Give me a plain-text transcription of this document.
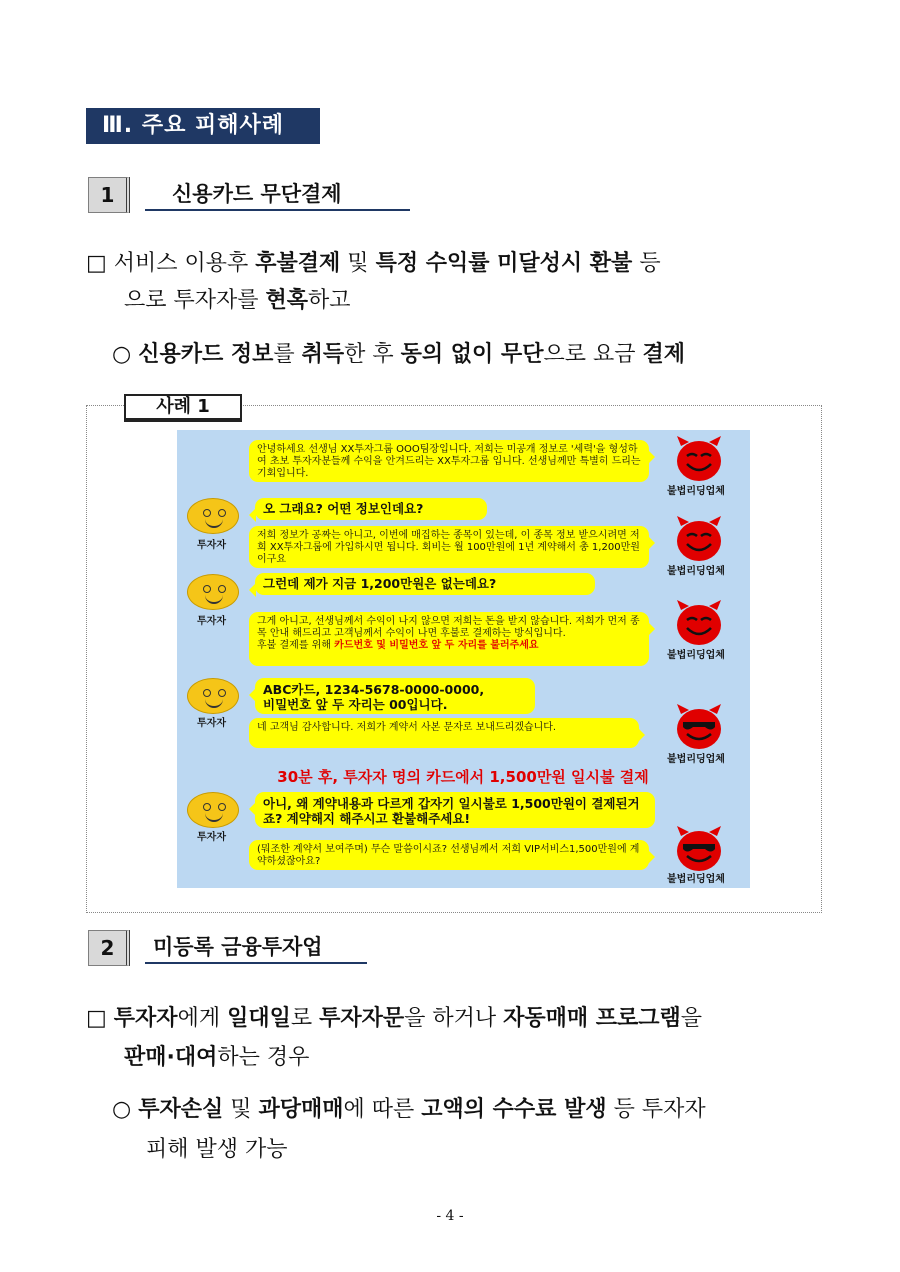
Ⅲ. 주요 피해사례
1	신용카드 무단결제
□ 서비스 이용후 후불결제 및 특정 수익률 미달성시 환불 등
으로 투자자를 현혹하고
○ 신용카드 정보를 취득한 후 동의 없이 무단으로 요금 결제
사례 1
안녕하세요 선생님 XX투자그룹 OOO팀장입니다. 저희는 미공개 정보로 '세력'을 형성하여 초보 투자자분들께 수익을 안겨드리는 XX투자그룹 입니다. 선생님께만 특별히 드리는 기회입니다.
불법리딩업체
투자자
오 그래요? 어떤 정보인데요?
저희 정보가 공짜는 아니고, 이번에 매집하는 종목이 있는데, 이 종목 정보 받으시려면 저희 XX투자그룹에 가입하시면 됩니다. 회비는 월 100만원에 1년 계약해서 총 1,200만원이구요
불법리딩업체
투자자
그런데 제가 지금 1,200만원은 없는데요?
그게 아니고, 선생님께서 수익이 나지 않으면 저희는 돈을 받지 않습니다. 저희가 먼저 종목 안내 해드리고 고객님께서 수익이 나면 후불로 결제하는 방식입니다.
후불 결제를 위해 카드번호 및 비밀번호 앞 두 자리를 불러주세요
불법리딩업체
투자자
ABC카드, 1234-5678-0000-0000,
비밀번호 앞 두 자리는 00입니다.
네 고객님 감사합니다. 저희가 계약서 사본 문자로 보내드리겠습니다.
불법리딩업체
30분 후, 투자자 명의 카드에서 1,500만원 일시불 결제
투자자
아니, 왜 계약내용과 다르게 갑자기 일시불로 1,500만원이 결제된거죠? 계약해지 해주시고 환불해주세요!
(뭐조한 계약서 보여주며) 무슨 말씀이시죠? 선생님께서 저희 VIP서비스1,500만원에 계약하셨잖아요?
불법리딩업체
2	미등록 금융투자업
□ 투자자에게 일대일로 투자자문을 하거나 자동매매 프로그램을
판매·대여하는 경우
○ 투자손실 및 과당매매에 따른 고액의 수수료 발생 등 투자자
피해 발생 가능
- 4 -
